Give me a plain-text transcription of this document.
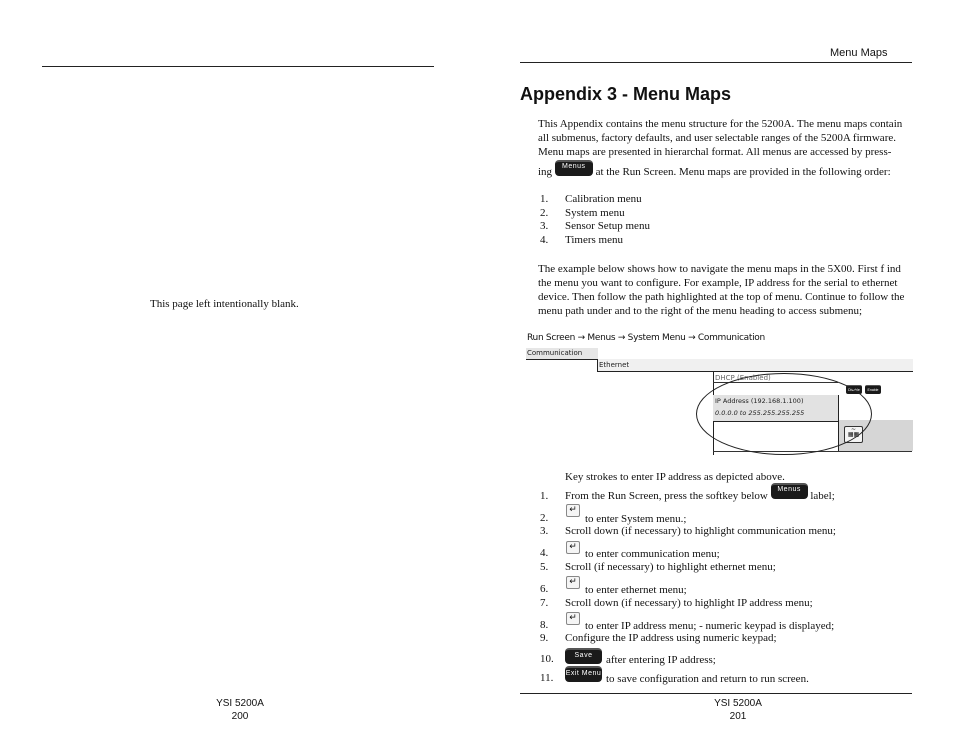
This page left intentionally blank.
YSI 5200A
200
Menu Maps
Appendix 3 - Menu Maps
This Appendix contains the menu structure for the 5200A. The menu maps contain
all submenus, factory defaults, and user selectable ranges of the 5200A firmware.
Menu maps are presented in hierarchal format. All menus are accessed by press-
ing Menus at the Run Screen. Menu maps are provided in the following order:
1. Calibration menu
2. System menu
3. Sensor Setup menu
4. Timers menu
The example below shows how to navigate the menu maps in the 5X00. First f ind
the menu you want to configure. For example, IP address for the serial to ethernet
device. Then follow the path highlighted at the top of menu. Continue to follow the
menu path under and to the right of the menu heading to access submenu;
Run Screen → Menus → System Menu → Communication
Communication
Ethernet
DHCP (Enabled)
Disable	Enable
IP Address (192.168.1.100)
0.0.0.0 to 255.255.255.255
~
▦▦
Key strokes to enter IP address as depicted above.
1. From the Run Screen, press the softkey below Menus label;
2.
↵
to enter System menu.;
3. Scroll down (if necessary) to highlight communication menu;
4.	↵
to enter communication menu;
5. Scroll (if necessary) to highlight ethernet menu;
6.
↵
to enter ethernet menu;
7. Scroll down (if necessary) to highlight IP address menu;
8.
↵
to enter IP address menu; - numeric keypad is displayed;
9. Configure the IP address using numeric keypad;
10.	Save	after entering IP address;
11. Exit Menu to save configuration and return to run screen.
YSI 5200A
201
